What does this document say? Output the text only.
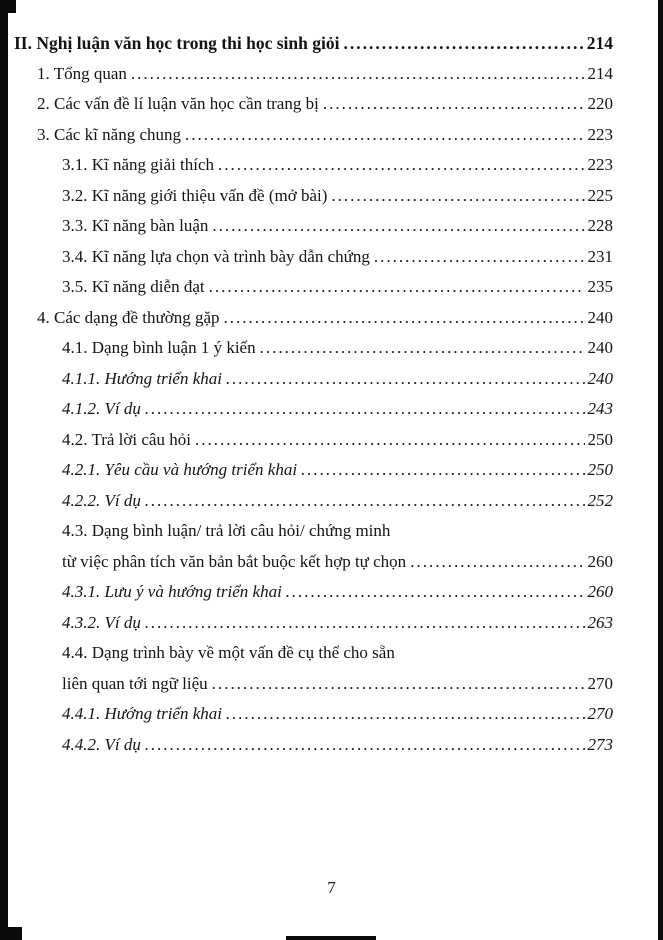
II. Nghị luận văn học trong thi học sinh giỏi .....	214
1. Tổng quan .....	214
2. Các vấn đề lí luận văn học cần trang bị .....	220
3. Các kĩ năng chung .....	223
3.1. Kĩ năng giải thích .....	223
3.2. Kĩ năng giới thiệu vấn đề (mở bài) .....	225
3.3. Kĩ năng bàn luận .....	228
3.4. Kĩ năng lựa chọn và trình bày dẫn chứng .....	231
3.5. Kĩ năng diễn đạt .....	235
4. Các dạng đề thường gặp .....	240
4.1. Dạng bình luận 1 ý kiến .....	240
4.1.1. Hướng triển khai .....	240
4.1.2. Ví dụ .....	243
4.2. Trả lời câu hỏi .....	250
4.2.1. Yêu cầu và hướng triển khai .....	250
4.2.2. Ví dụ .....	252
4.3. Dạng bình luận/ trả lời câu hỏi/ chứng minh
từ việc phân tích văn bản bắt buộc kết hợp tự chọn .....	260
4.3.1. Lưu ý và hướng triển khai .....	260
4.3.2. Ví dụ .....	263
4.4. Dạng trình bày về một vấn đề cụ thể cho sẵn
liên quan tới ngữ liệu .....	270
4.4.1. Hướng triển khai .....	270
4.4.2. Ví dụ .....	273
7
